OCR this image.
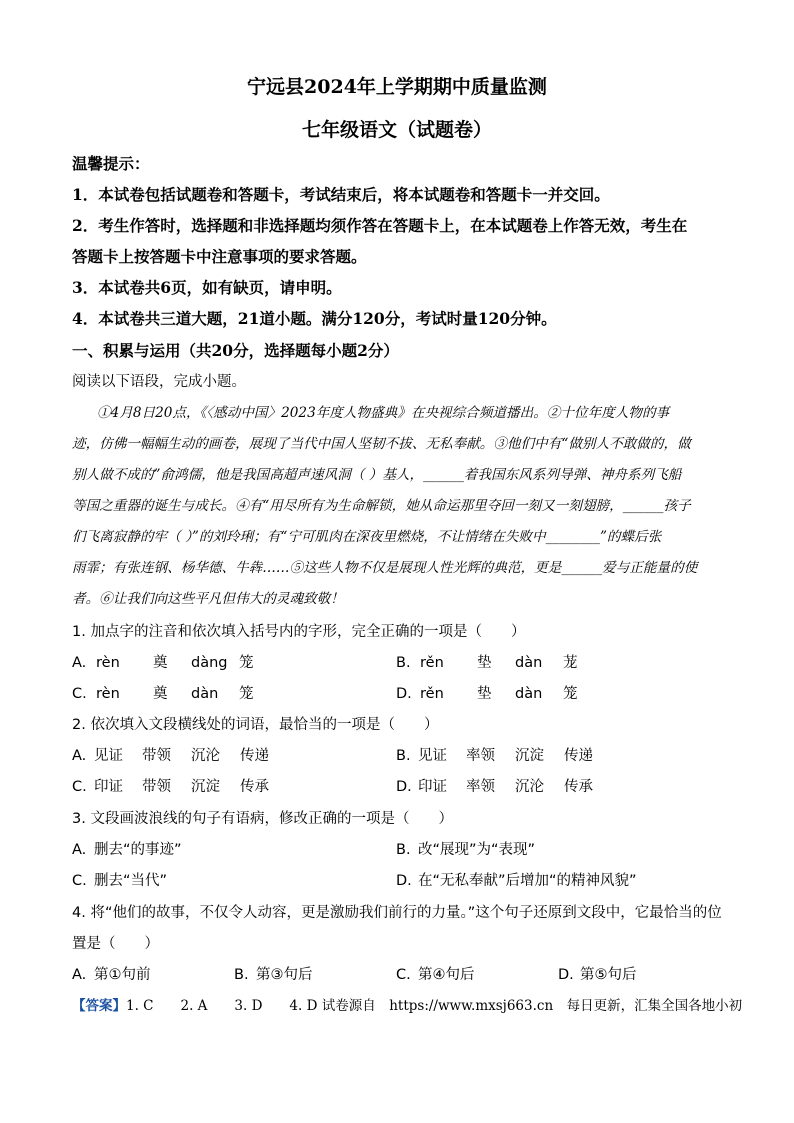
宁远县2024年上学期期中质量监测
七年级语文（试题卷）
温馨提示：
1．本试卷包括试题卷和答题卡，考试结束后，将本试题卷和答题卡一并交回。
2．考生作答时，选择题和非选择题均须作答在答题卡上，在本试题卷上作答无效，考生在
答题卡上按答题卡中注意事项的要求答题。
3．本试卷共6页，如有缺页，请申明。
4．本试卷共三道大题，21道小题。满分120分，考试时量120分钟。
一、积累与运用（共20分，选择题每小题2分）
阅读以下语段，完成小题。
①4月8日20点，《〈感动中国〉2023年度人物盛典》在央视综合频道播出。②十位年度人物的事
迹，仿佛一幅幅生动的画卷，展现了当代中国人坚韧不拔、无私奉献。③他们中有“做别人不敢做的，做
别人做不成的”俞鸿儒，他是我国高超声速风洞（ ）基人，______着我国东风系列导弹、神舟系列飞船
等国之重器的诞生与成长。④有“用尽所有为生命解锁，她从命运那里夺回一刻又一刻翅膀，______孩子
们飞离寂静的牢（ ）”的刘玲琍；有“宁可肌肉在深夜里燃烧，不让情绪在失败中________”的蝶后张
雨霏；有张连钢、杨华德、牛犇……⑤这些人物不仅是展现人性光辉的典范，更是______爱与正能量的使
者。⑥让我们向这些平凡但伟大的灵魂致敬！
1. 加点字的注音和依次填入括号内的字形，完全正确的一项是（　　）
A. rèn 奠 dàng 笼	B. rěn 垫 dàn 茏
C. rèn 奠 dàn 笼	D. rěn 垫 dàn 笼
2. 依次填入文段横线处的词语，最恰当的一项是（　　）
A. 见证 带领 沉沦 传递	B. 见证 率领 沉淀 传递
C. 印证 带领 沉淀 传承	D. 印证 率领 沉沦 传承
3. 文段画波浪线的句子有语病，修改正确的一项是（　　）
A. 删去“的事迹”	B. 改“展现”为“表现”
C. 删去“当代”	D. 在“无私奉献”后增加“的精神风貌”
4. 将“他们的故事，不仅令人动容，更是激励我们前行的力量。”这个句子还原到文段中，它最恰当的位
置是（　　）
A. 第①句前	B. 第③句后	C. 第④句后	D. 第⑤句后
【答案】1. C　　2. A　　3. D　　4. D 试卷源自　https://www.mxsj663.cn　每日更新，汇集全国各地小初
